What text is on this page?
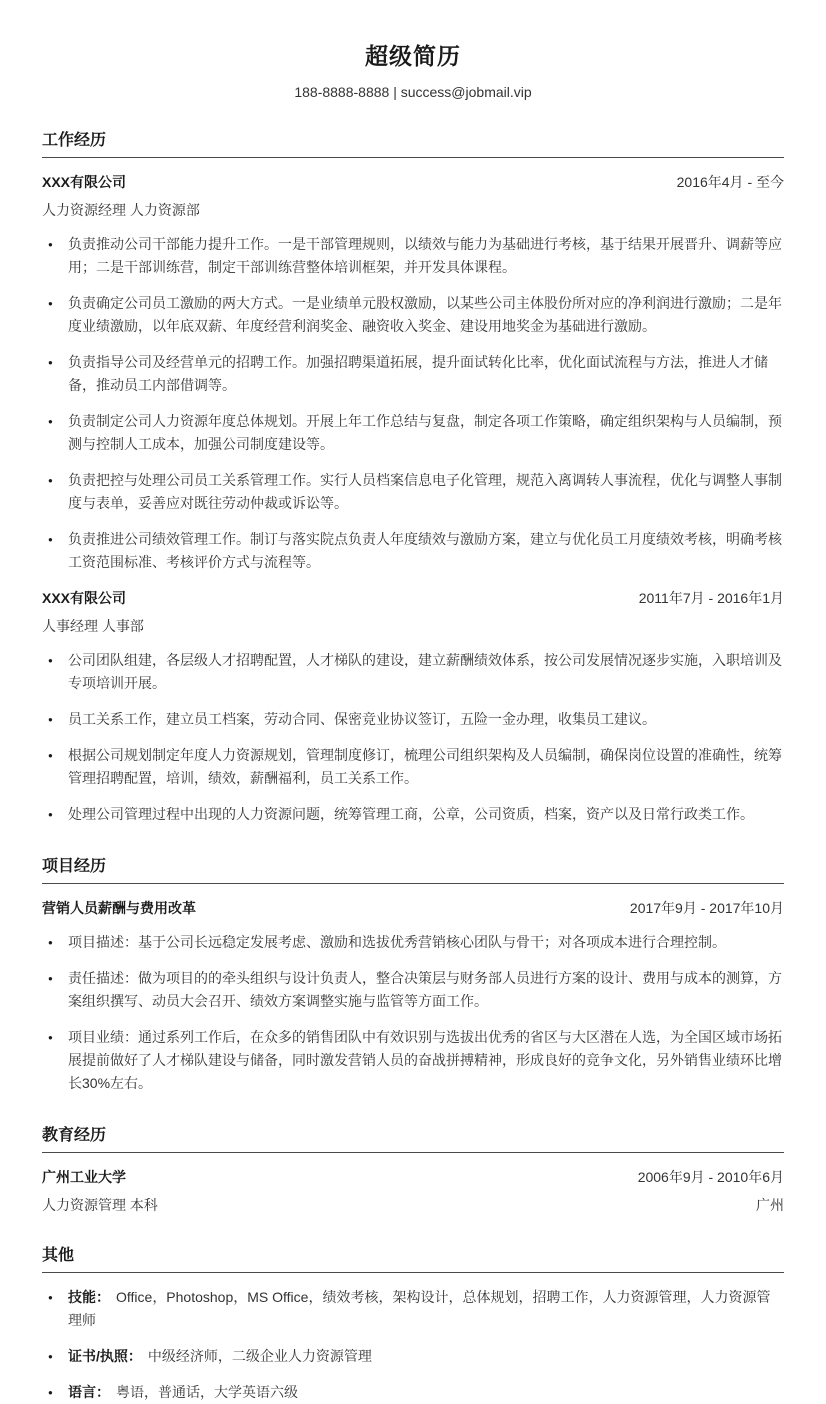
超级简历
188-8888-8888 | success@jobmail.vip
工作经历
XXX有限公司	2016年4月 - 至今
人力资源经理 人力资源部
● 负责推动公司干部能力提升工作。一是干部管理规则，以绩效与能力为基础进行考核，基于结果开展晋升、调薪等应用；二是干部训练营，制定干部训练营整体培训框架，并开发具体课程。
● 负责确定公司员工激励的两大方式。一是业绩单元股权激励，以某些公司主体股份所对应的净利润进行激励；二是年度业绩激励，以年底双薪、年度经营利润奖金、融资收入奖金、建设用地奖金为基础进行激励。
● 负责指导公司及经营单元的招聘工作。加强招聘渠道拓展，提升面试转化比率，优化面试流程与方法，推进人才储备，推动员工内部借调等。
● 负责制定公司人力资源年度总体规划。开展上年工作总结与复盘，制定各项工作策略，确定组织架构与人员编制，预测与控制人工成本，加强公司制度建设等。
● 负责把控与处理公司员工关系管理工作。实行人员档案信息电子化管理，规范入离调转人事流程，优化与调整人事制度与表单，妥善应对既往劳动仲裁或诉讼等。
● 负责推进公司绩效管理工作。制订与落实院点负责人年度绩效与激励方案，建立与优化员工月度绩效考核，明确考核工资范围标准、考核评价方式与流程等。
XXX有限公司	2011年7月 - 2016年1月
人事经理 人事部
● 公司团队组建，各层级人才招聘配置，人才梯队的建设，建立薪酬绩效体系，按公司发展情况逐步实施，入职培训及专项培训开展。
● 员工关系工作，建立员工档案，劳动合同、保密竞业协议签订，五险一金办理，收集员工建议。
● 根据公司规划制定年度人力资源规划，管理制度修订，梳理公司组织架构及人员编制，确保岗位设置的准确性，统筹管理招聘配置，培训，绩效，薪酬福利，员工关系工作。
● 处理公司管理过程中出现的人力资源问题，统筹管理工商，公章，公司资质，档案，资产以及日常行政类工作。
项目经历
营销人员薪酬与费用改革	2017年9月 - 2017年10月
● 项目描述：基于公司长远稳定发展考虑、激励和选拔优秀营销核心团队与骨干；对各项成本进行合理控制。
● 责任描述：做为项目的的牵头组织与设计负责人，整合决策层与财务部人员进行方案的设计、费用与成本的测算，方案组织撰写、动员大会召开、绩效方案调整实施与监管等方面工作。
● 项目业绩：通过系列工作后，在众多的销售团队中有效识别与选拔出优秀的省区与大区潜在人选，为全国区域市场拓展提前做好了人才梯队建设与储备，同时激发营销人员的奋战拼搏精神，形成良好的竞争文化，另外销售业绩环比增长30%左右。
教育经历
广州工业大学	2006年9月 - 2010年6月
人力资源管理 本科	广州
其他
● 技能： Office，Photoshop，MS Office，绩效考核，架构设计，总体规划，招聘工作，人力资源管理，人力资源管理师
● 证书/执照： 中级经济师，二级企业人力资源管理
● 语言： 粤语，普通话，大学英语六级
